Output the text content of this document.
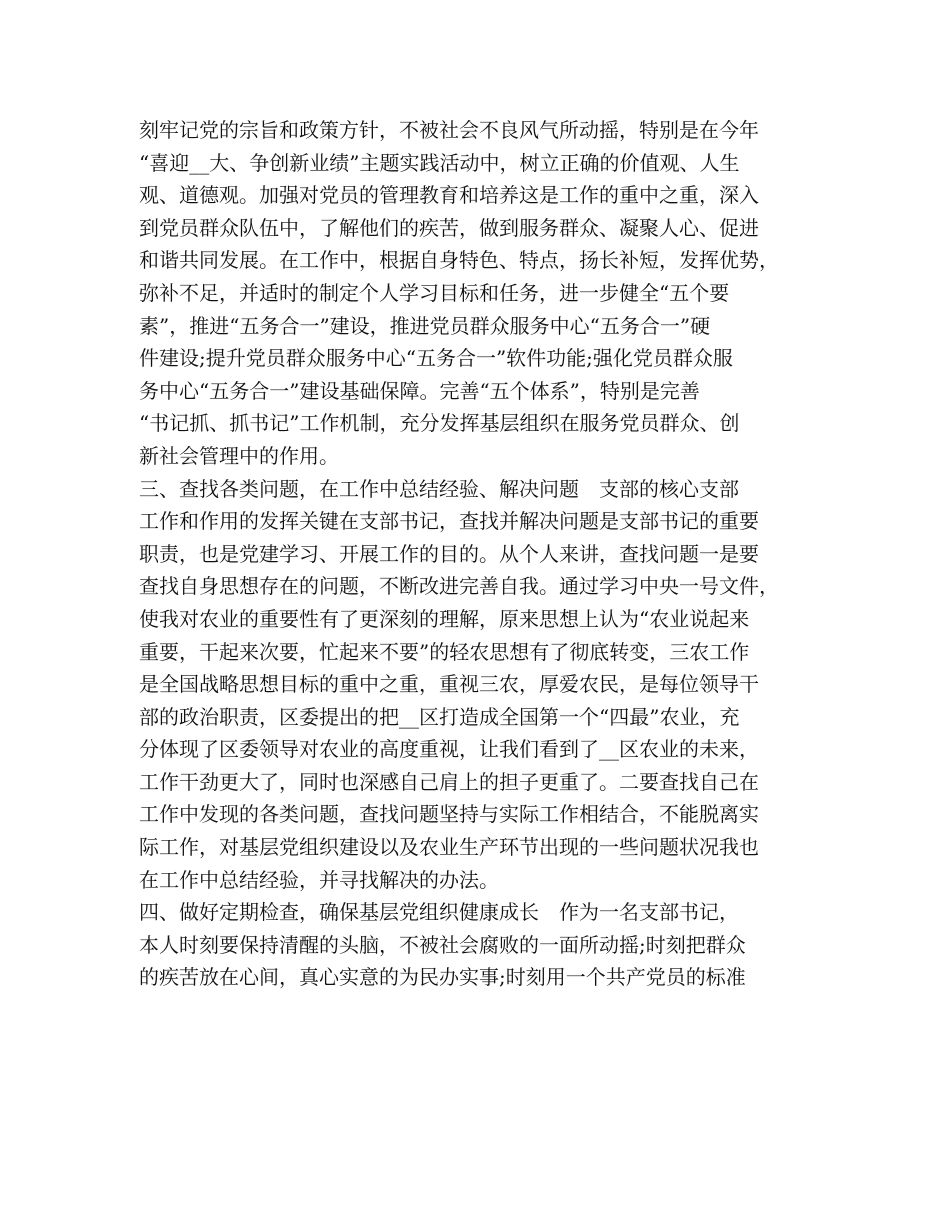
刻牢记党的宗旨和政策方针，不被社会不良风气所动摇，特别是在今年
“喜迎__大、争创新业绩”主题实践活动中，树立正确的价值观、人生
观、道德观。加强对党员的管理教育和培养这是工作的重中之重，深入
到党员群众队伍中，了解他们的疾苦，做到服务群众、凝聚人心、促进
和谐共同发展。在工作中，根据自身特色、特点，扬长补短，发挥优势，
弥补不足，并适时的制定个人学习目标和任务，进一步健全“五个要
素”，推进“五务合一”建设，推进党员群众服务中心“五务合一”硬
件建设;提升党员群众服务中心“五务合一”软件功能;强化党员群众服
务中心“五务合一”建设基础保障。完善“五个体系”，特别是完善
“书记抓、抓书记”工作机制，充分发挥基层组织在服务党员群众、创
新社会管理中的作用。
三、查找各类问题，在工作中总结经验、解决问题　支部的核心支部
工作和作用的发挥关键在支部书记，查找并解决问题是支部书记的重要
职责，也是党建学习、开展工作的目的。从个人来讲，查找问题一是要
查找自身思想存在的问题，不断改进完善自我。通过学习中央一号文件，
使我对农业的重要性有了更深刻的理解，原来思想上认为“农业说起来
重要，干起来次要，忙起来不要”的轻农思想有了彻底转变，三农工作
是全国战略思想目标的重中之重，重视三农，厚爱农民，是每位领导干
部的政治职责，区委提出的把__区打造成全国第一个“四最”农业，充
分体现了区委领导对农业的高度重视，让我们看到了__区农业的未来，
工作干劲更大了，同时也深感自己肩上的担子更重了。二要查找自己在
工作中发现的各类问题，查找问题坚持与实际工作相结合，不能脱离实
际工作，对基层党组织建设以及农业生产环节出现的一些问题状况我也
在工作中总结经验，并寻找解决的办法。
四、做好定期检查，确保基层党组织健康成长　作为一名支部书记，
本人时刻要保持清醒的头脑，不被社会腐败的一面所动摇;时刻把群众
的疾苦放在心间，真心实意的为民办实事;时刻用一个共产党员的标准
